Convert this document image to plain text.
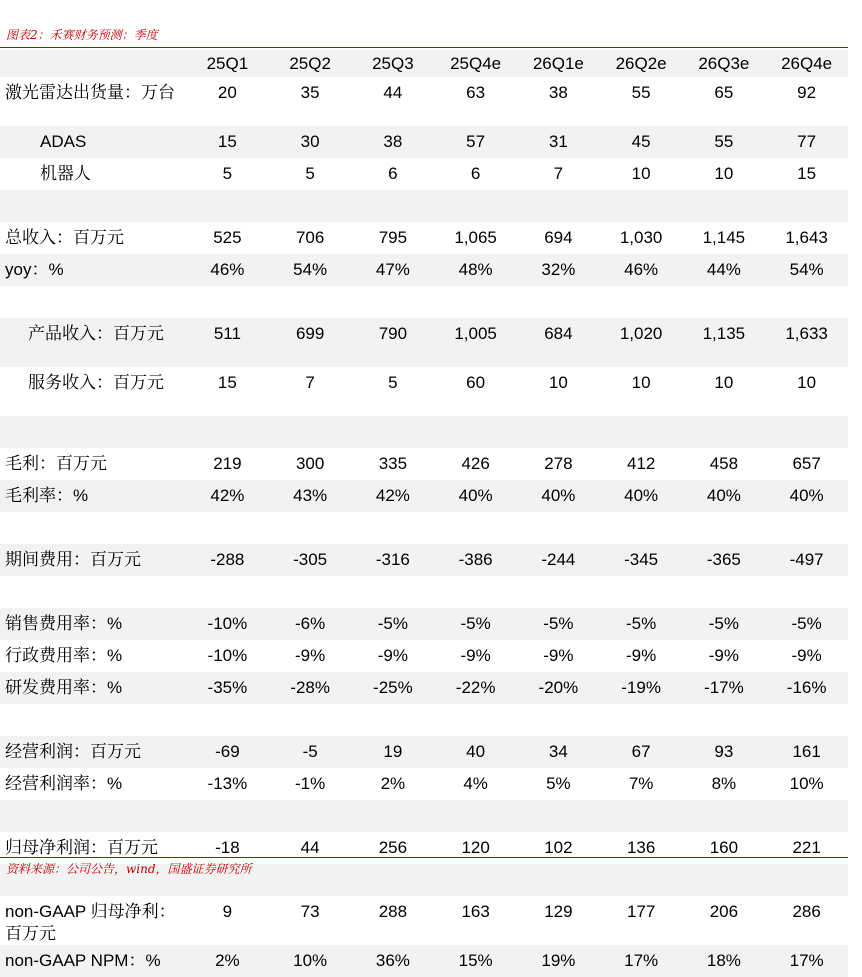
图表2：禾赛财务预测：季度
	25Q1	25Q2	25Q3	25Q4e	26Q1e	26Q2e	26Q3e	26Q4e
激光雷达出货量：万台	20	35	44	63	38	55	65	92
ADAS	15	30	38	57	31	45	55	77
机器人	5	5	6	6	7	10	10	15

总收入：百万元	525	706	795	1,065	694	1,030	1,145	1,643
yoy：%	46%	54%	47%	48%	32%	46%	44%	54%

产品收入：百万元	511	699	790	1,005	684	1,020	1,135	1,633
服务收入：百万元	15	7	5	60	10	10	10	10

毛利：百万元	219	300	335	426	278	412	458	657
毛利率：%	42%	43%	42%	40%	40%	40%	40%	40%

期间费用：百万元	-288	-305	-316	-386	-244	-345	-365	-497

销售费用率：%	-10%	-6%	-5%	-5%	-5%	-5%	-5%	-5%
行政费用率：%	-10%	-9%	-9%	-9%	-9%	-9%	-9%	-9%
研发费用率：%	-35%	-28%	-25%	-22%	-20%	-19%	-17%	-16%

经营利润：百万元	-69	-5	19	40	34	67	93	161
经营利润率：%	-13%	-1%	2%	4%	5%	7%	8%	10%

归母净利润：百万元	-18	44	256	120	102	136	160	221

non-GAAP 归母净利：百万元	9	73	288	163	129	177	206	286
non-GAAP NPM：%	2%	10%	36%	15%	19%	17%	18%	17%
资料来源：公司公告，wind，国盛证券研究所
